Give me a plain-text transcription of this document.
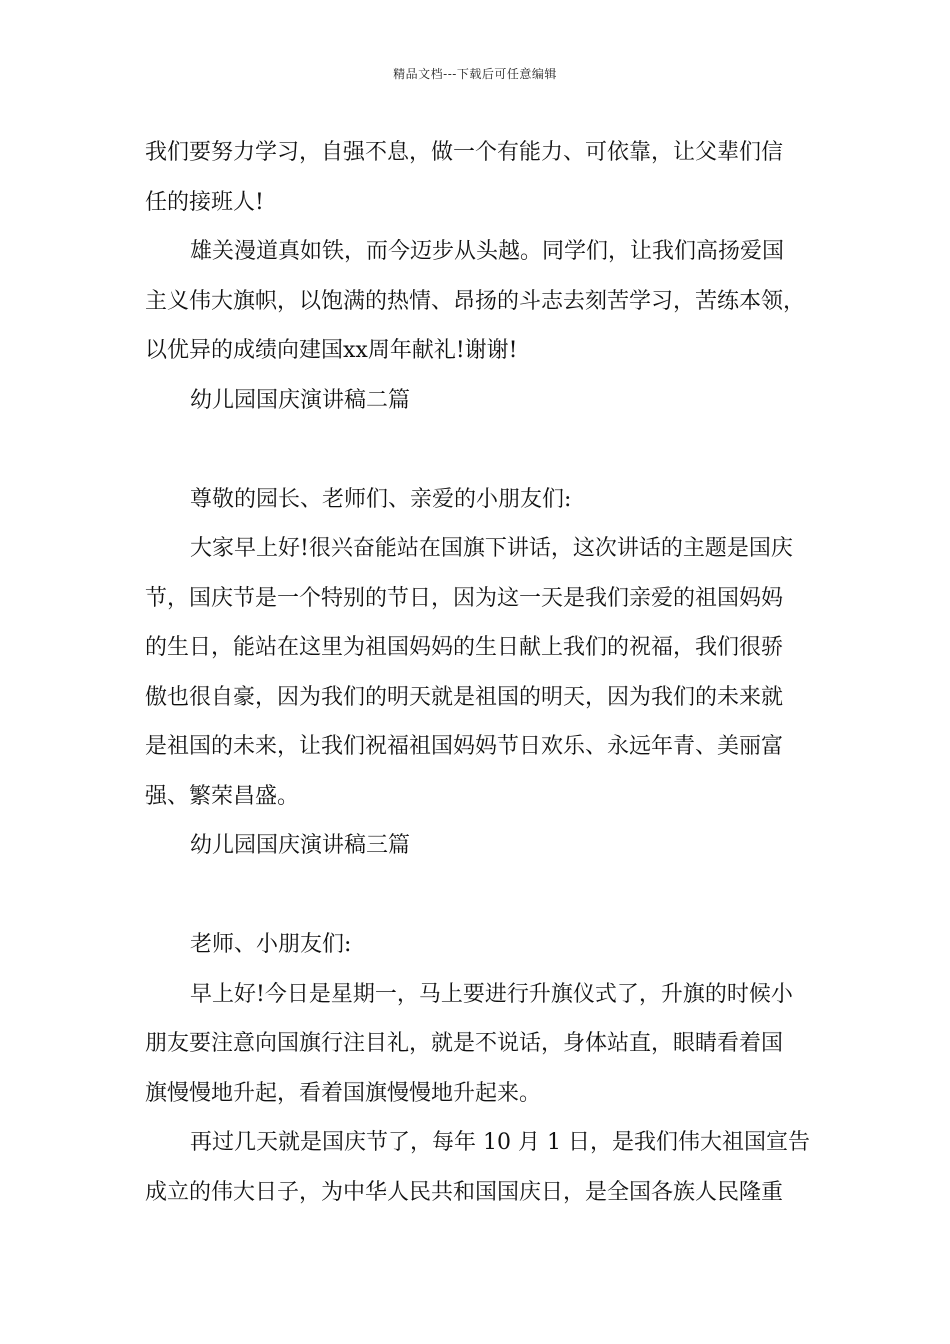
精品文档---下载后可任意编辑
我们要努力学习，自强不息，做一个有能力、可依靠，让父辈们信
任的接班人!
雄关漫道真如铁，而今迈步从头越。同学们，让我们高扬爱国
主义伟大旗帜，以饱满的热情、昂扬的斗志去刻苦学习，苦练本领，
以优异的成绩向建国xx周年献礼!谢谢!
幼儿园国庆演讲稿二篇
尊敬的园长、老师们、亲爱的小朋友们:
大家早上好!很兴奋能站在国旗下讲话，这次讲话的主题是国庆
节，国庆节是一个特别的节日，因为这一天是我们亲爱的祖国妈妈
的生日，能站在这里为祖国妈妈的生日献上我们的祝福，我们很骄
傲也很自豪，因为我们的明天就是祖国的明天，因为我们的未来就
是祖国的未来，让我们祝福祖国妈妈节日欢乐、永远年青、美丽富
强、繁荣昌盛。
幼儿园国庆演讲稿三篇
老师、小朋友们:
早上好!今日是星期一，马上要进行升旗仪式了，升旗的时候小
朋友要注意向国旗行注目礼，就是不说话，身体站直，眼睛看着国
旗慢慢地升起，看着国旗慢慢地升起来。
再过几天就是国庆节了，每年 10 月 1 日，是我们伟大祖国宣告
成立的伟大日子，为中华人民共和国国庆日，是全国各族人民隆重
